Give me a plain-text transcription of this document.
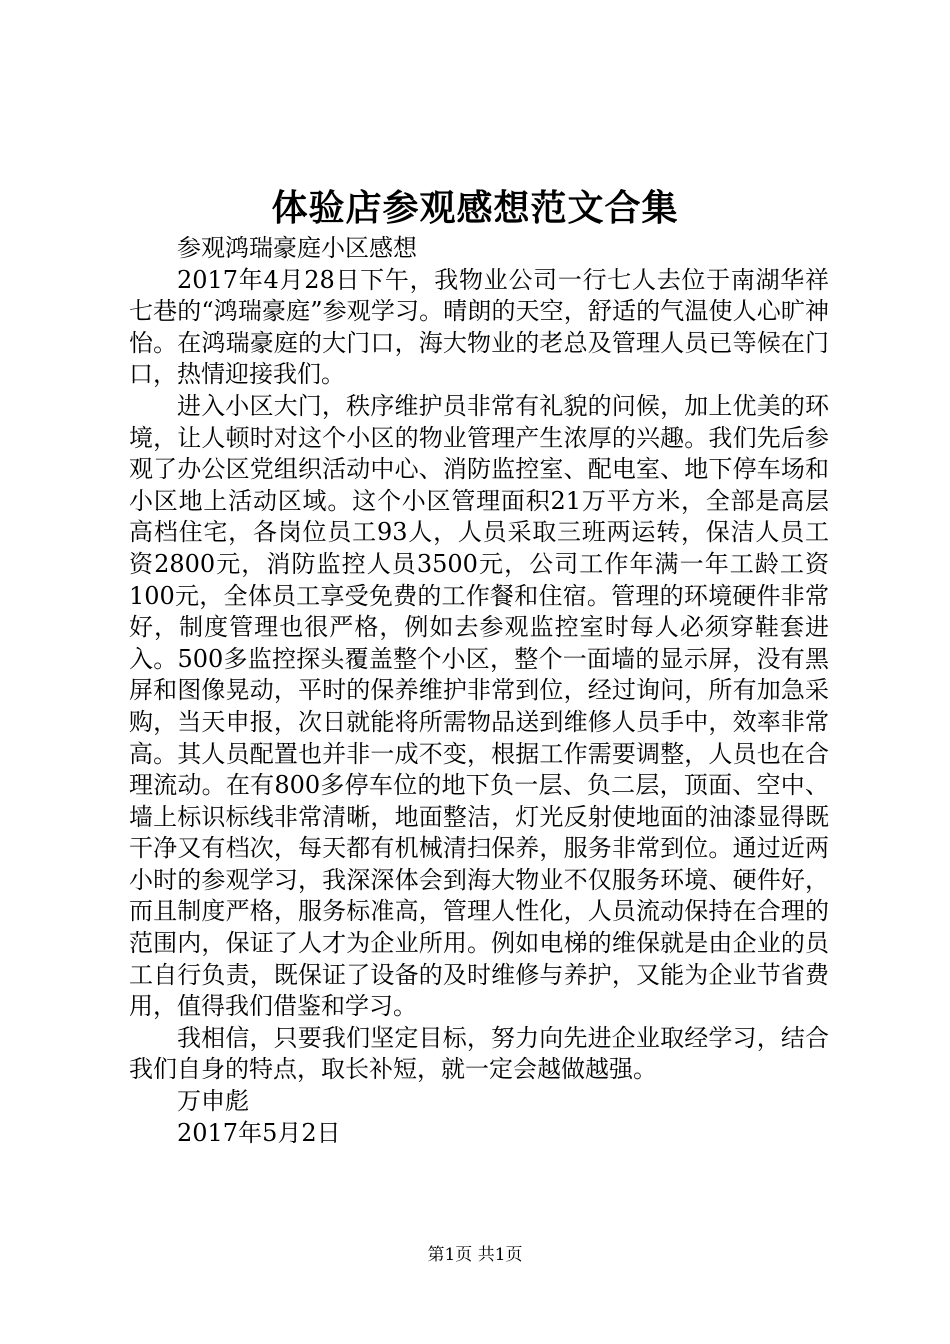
体验店参观感想范文合集

参观鸿瑞豪庭小区感想

2017年4月28日下午，我物业公司一行七人去位于南湖华祥七巷的“鸿瑞豪庭”参观学习。晴朗的天空，舒适的气温使人心旷神怡。在鸿瑞豪庭的大门口，海大物业的老总及管理人员已等候在门口，热情迎接我们。

进入小区大门，秩序维护员非常有礼貌的问候，加上优美的环境，让人顿时对这个小区的物业管理产生浓厚的兴趣。我们先后参观了办公区党组织活动中心、消防监控室、配电室、地下停车场和小区地上活动区域。这个小区管理面积21万平方米，全部是高层高档住宅，各岗位员工93人，人员采取三班两运转，保洁人员工资2800元，消防监控人员3500元，公司工作年满一年工龄工资100元，全体员工享受免费的工作餐和住宿。管理的环境硬件非常好，制度管理也很严格，例如去参观监控室时每人必须穿鞋套进入。500多监控探头覆盖整个小区，整个一面墙的显示屏，没有黑屏和图像晃动，平时的保养维护非常到位，经过询问，所有加急采购，当天申报，次日就能将所需物品送到维修人员手中，效率非常高。其人员配置也并非一成不变，根据工作需要调整，人员也在合理流动。在有800多停车位的地下负一层、负二层，顶面、空中、墙上标识标线非常清晰，地面整洁，灯光反射使地面的油漆显得既干净又有档次，每天都有机械清扫保养，服务非常到位。通过近两小时的参观学习，我深深体会到海大物业不仅服务环境、硬件好，而且制度严格，服务标准高，管理人性化，人员流动保持在合理的范围内，保证了人才为企业所用。例如电梯的维保就是由企业的员工自行负责，既保证了设备的及时维修与养护，又能为企业节省费用，值得我们借鉴和学习。

我相信，只要我们坚定目标，努力向先进企业取经学习，结合我们自身的特点，取长补短，就一定会越做越强。

万申彪

2017年5月2日

第1页 共1页
